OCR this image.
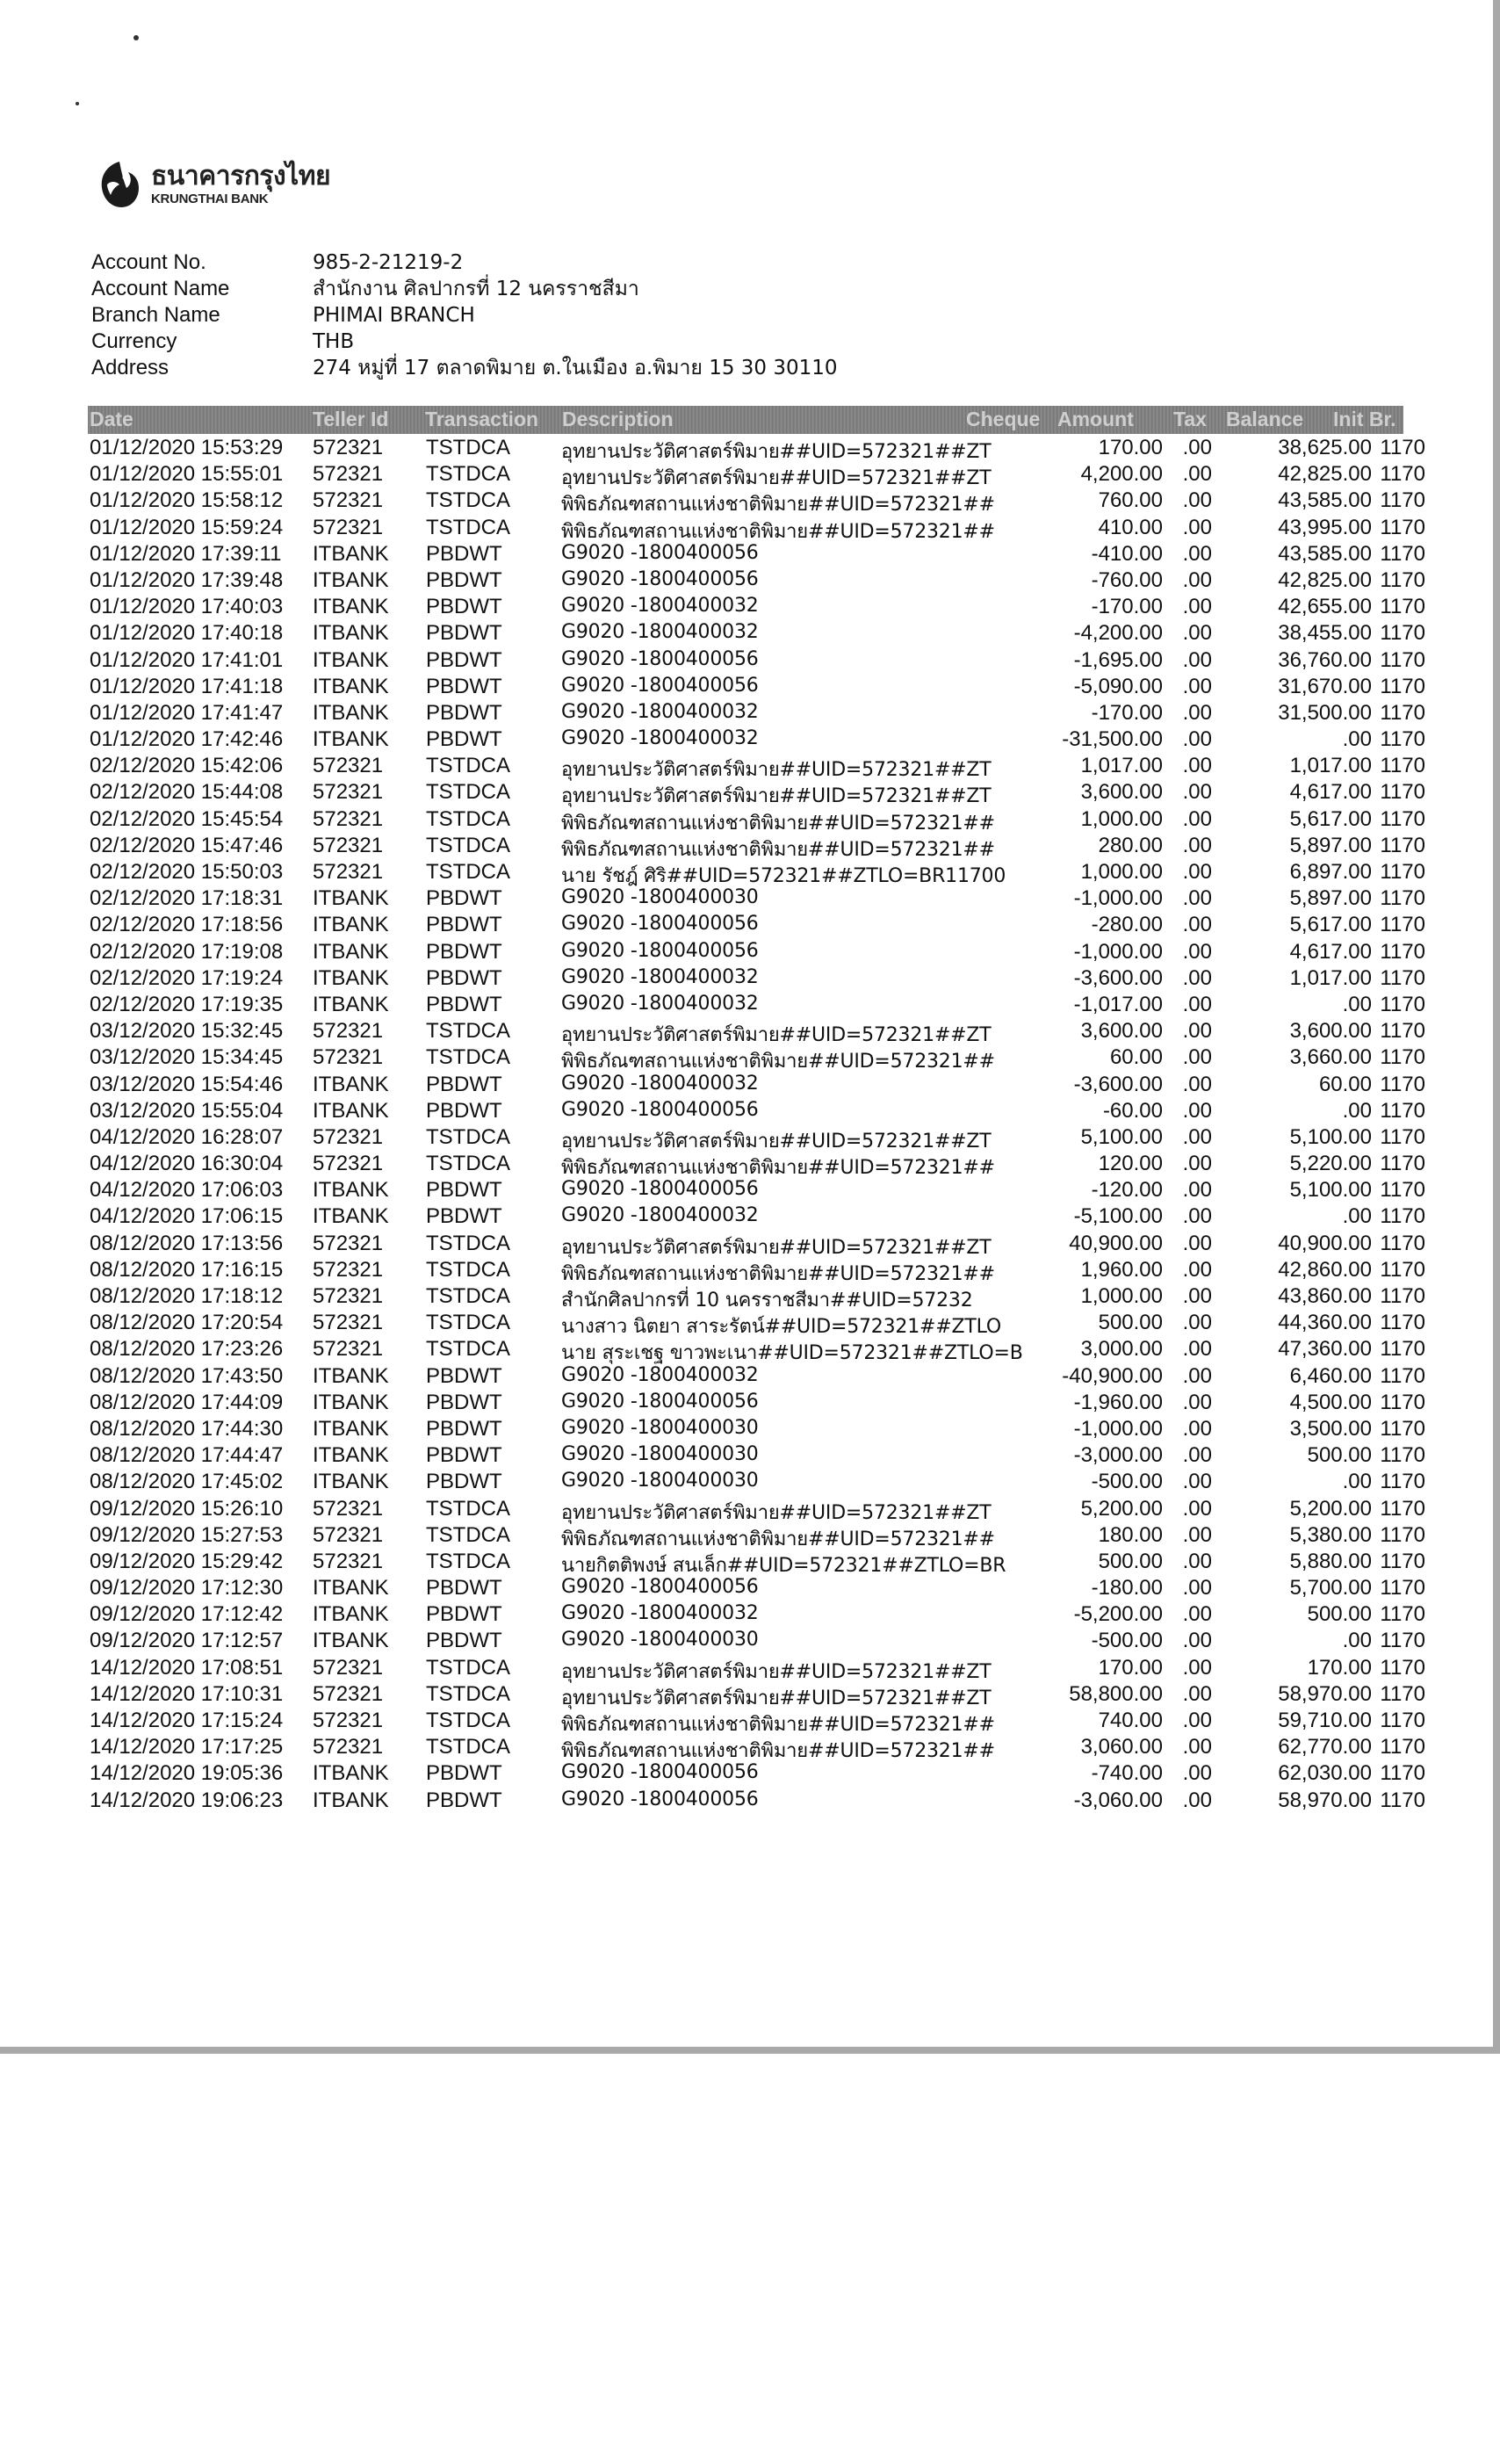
ธนาคารกรุงไทย
KRUNGTHAI BANK
Account No.	985-2-21219-2
Account Name	สำนักงาน ศิลปากรที่ 12 นครราชสีมา
Branch Name	PHIMAI BRANCH
Currency	THB
Address	274 หมู่ที่ 17 ตลาดพิมาย ต.ในเมือง อ.พิมาย 15 30 30110
Date	Teller Id Transaction Description	Cheque Amount Tax Balance Init Br.
01/12/2020 15:53:29 572321 TSTDCA	อุทยานประวัติศาสตร์พิมาย##UID=572321##ZT	170.00 .00	38,625.00 1170
01/12/2020 15:55:01 572321 TSTDCA	อุทยานประวัติศาสตร์พิมาย##UID=572321##ZT	4,200.00 .00	42,825.00 1170
01/12/2020 15:58:12 572321 TSTDCA	พิพิธภัณฑสถานแห่งชาติพิมาย##UID=572321##	760.00 .00	43,585.00 1170
01/12/2020 15:59:24 572321 TSTDCA	พิพิธภัณฑสถานแห่งชาติพิมาย##UID=572321##	410.00 .00	43,995.00 1170
01/12/2020 17:39:11 ITBANK PBDWT	G9020 -1800400056	-410.00 .00	43,585.00 1170
01/12/2020 17:39:48 ITBANK PBDWT	G9020 -1800400056	-760.00 .00	42,825.00 1170
01/12/2020 17:40:03 ITBANK PBDWT	G9020 -1800400032	-170.00 .00	42,655.00 1170
01/12/2020 17:40:18 ITBANK PBDWT	G9020 -1800400032	-4,200.00 .00	38,455.00 1170
01/12/2020 17:41:01 ITBANK PBDWT	G9020 -1800400056	-1,695.00 .00	36,760.00 1170
01/12/2020 17:41:18 ITBANK PBDWT	G9020 -1800400056	-5,090.00 .00	31,670.00 1170
01/12/2020 17:41:47 ITBANK PBDWT	G9020 -1800400032	-170.00 .00	31,500.00 1170
01/12/2020 17:42:46 ITBANK PBDWT	G9020 -1800400032	-31,500.00 .00	.00 1170
02/12/2020 15:42:06 572321 TSTDCA	อุทยานประวัติศาสตร์พิมาย##UID=572321##ZT	1,017.00 .00	1,017.00 1170
02/12/2020 15:44:08 572321 TSTDCA	อุทยานประวัติศาสตร์พิมาย##UID=572321##ZT	3,600.00 .00	4,617.00 1170
02/12/2020 15:45:54 572321 TSTDCA	พิพิธภัณฑสถานแห่งชาติพิมาย##UID=572321##	1,000.00 .00	5,617.00 1170
02/12/2020 15:47:46 572321 TSTDCA	พิพิธภัณฑสถานแห่งชาติพิมาย##UID=572321##	280.00 .00	5,897.00 1170
02/12/2020 15:50:03 572321 TSTDCA	นาย รัชฎ์ ศิริ##UID=572321##ZTLO=BR11700	1,000.00 .00	6,897.00 1170
02/12/2020 17:18:31 ITBANK PBDWT	G9020 -1800400030	-1,000.00 .00	5,897.00 1170
02/12/2020 17:18:56 ITBANK PBDWT	G9020 -1800400056	-280.00 .00	5,617.00 1170
02/12/2020 17:19:08 ITBANK PBDWT	G9020 -1800400056	-1,000.00 .00	4,617.00 1170
02/12/2020 17:19:24 ITBANK PBDWT	G9020 -1800400032	-3,600.00 .00	1,017.00 1170
02/12/2020 17:19:35 ITBANK PBDWT	G9020 -1800400032	-1,017.00 .00	.00 1170
03/12/2020 15:32:45 572321 TSTDCA	อุทยานประวัติศาสตร์พิมาย##UID=572321##ZT	3,600.00 .00	3,600.00 1170
03/12/2020 15:34:45 572321 TSTDCA	พิพิธภัณฑสถานแห่งชาติพิมาย##UID=572321##	60.00 .00	3,660.00 1170
03/12/2020 15:54:46 ITBANK PBDWT	G9020 -1800400032	-3,600.00 .00	60.00 1170
03/12/2020 15:55:04 ITBANK PBDWT	G9020 -1800400056	-60.00 .00	.00 1170
04/12/2020 16:28:07 572321 TSTDCA	อุทยานประวัติศาสตร์พิมาย##UID=572321##ZT	5,100.00 .00	5,100.00 1170
04/12/2020 16:30:04 572321 TSTDCA	พิพิธภัณฑสถานแห่งชาติพิมาย##UID=572321##	120.00 .00	5,220.00 1170
04/12/2020 17:06:03 ITBANK PBDWT	G9020 -1800400056	-120.00 .00	5,100.00 1170
04/12/2020 17:06:15 ITBANK PBDWT	G9020 -1800400032	-5,100.00 .00	.00 1170
08/12/2020 17:13:56 572321 TSTDCA	อุทยานประวัติศาสตร์พิมาย##UID=572321##ZT	40,900.00 .00	40,900.00 1170
08/12/2020 17:16:15 572321 TSTDCA	พิพิธภัณฑสถานแห่งชาติพิมาย##UID=572321##	1,960.00 .00	42,860.00 1170
08/12/2020 17:18:12 572321 TSTDCA	สำนักศิลปากรที่ 10 นครราชสีมา##UID=57232	1,000.00 .00	43,860.00 1170
08/12/2020 17:20:54 572321 TSTDCA	นางสาว นิตยา สาระรัตน์##UID=572321##ZTLO	500.00 .00	44,360.00 1170
08/12/2020 17:23:26 572321 TSTDCA	นาย สุระเชฐ ขาวพะเนา##UID=572321##ZTLO=B	3,000.00 .00	47,360.00 1170
08/12/2020 17:43:50 ITBANK PBDWT	G9020 -1800400032	-40,900.00 .00	6,460.00 1170
08/12/2020 17:44:09 ITBANK PBDWT	G9020 -1800400056	-1,960.00 .00	4,500.00 1170
08/12/2020 17:44:30 ITBANK PBDWT	G9020 -1800400030	-1,000.00 .00	3,500.00 1170
08/12/2020 17:44:47 ITBANK PBDWT	G9020 -1800400030	-3,000.00 .00	500.00 1170
08/12/2020 17:45:02 ITBANK PBDWT	G9020 -1800400030	-500.00 .00	.00 1170
09/12/2020 15:26:10 572321 TSTDCA	อุทยานประวัติศาสตร์พิมาย##UID=572321##ZT	5,200.00 .00	5,200.00 1170
09/12/2020 15:27:53 572321 TSTDCA	พิพิธภัณฑสถานแห่งชาติพิมาย##UID=572321##	180.00 .00	5,380.00 1170
09/12/2020 15:29:42 572321 TSTDCA	นายกิตติพงษ์ สนเล็ก##UID=572321##ZTLO=BR	500.00 .00	5,880.00 1170
09/12/2020 17:12:30 ITBANK PBDWT	G9020 -1800400056	-180.00 .00	5,700.00 1170
09/12/2020 17:12:42 ITBANK PBDWT	G9020 -1800400032	-5,200.00 .00	500.00 1170
09/12/2020 17:12:57 ITBANK PBDWT	G9020 -1800400030	-500.00 .00	.00 1170
14/12/2020 17:08:51 572321 TSTDCA	อุทยานประวัติศาสตร์พิมาย##UID=572321##ZT	170.00 .00	170.00 1170
14/12/2020 17:10:31 572321 TSTDCA	อุทยานประวัติศาสตร์พิมาย##UID=572321##ZT	58,800.00 .00	58,970.00 1170
14/12/2020 17:15:24 572321 TSTDCA	พิพิธภัณฑสถานแห่งชาติพิมาย##UID=572321##	740.00 .00	59,710.00 1170
14/12/2020 17:17:25 572321 TSTDCA	พิพิธภัณฑสถานแห่งชาติพิมาย##UID=572321##	3,060.00 .00	62,770.00 1170
14/12/2020 19:05:36 ITBANK PBDWT	G9020 -1800400056	-740.00 .00	62,030.00 1170
14/12/2020 19:06:23 ITBANK PBDWT	G9020 -1800400056	-3,060.00 .00	58,970.00 1170
